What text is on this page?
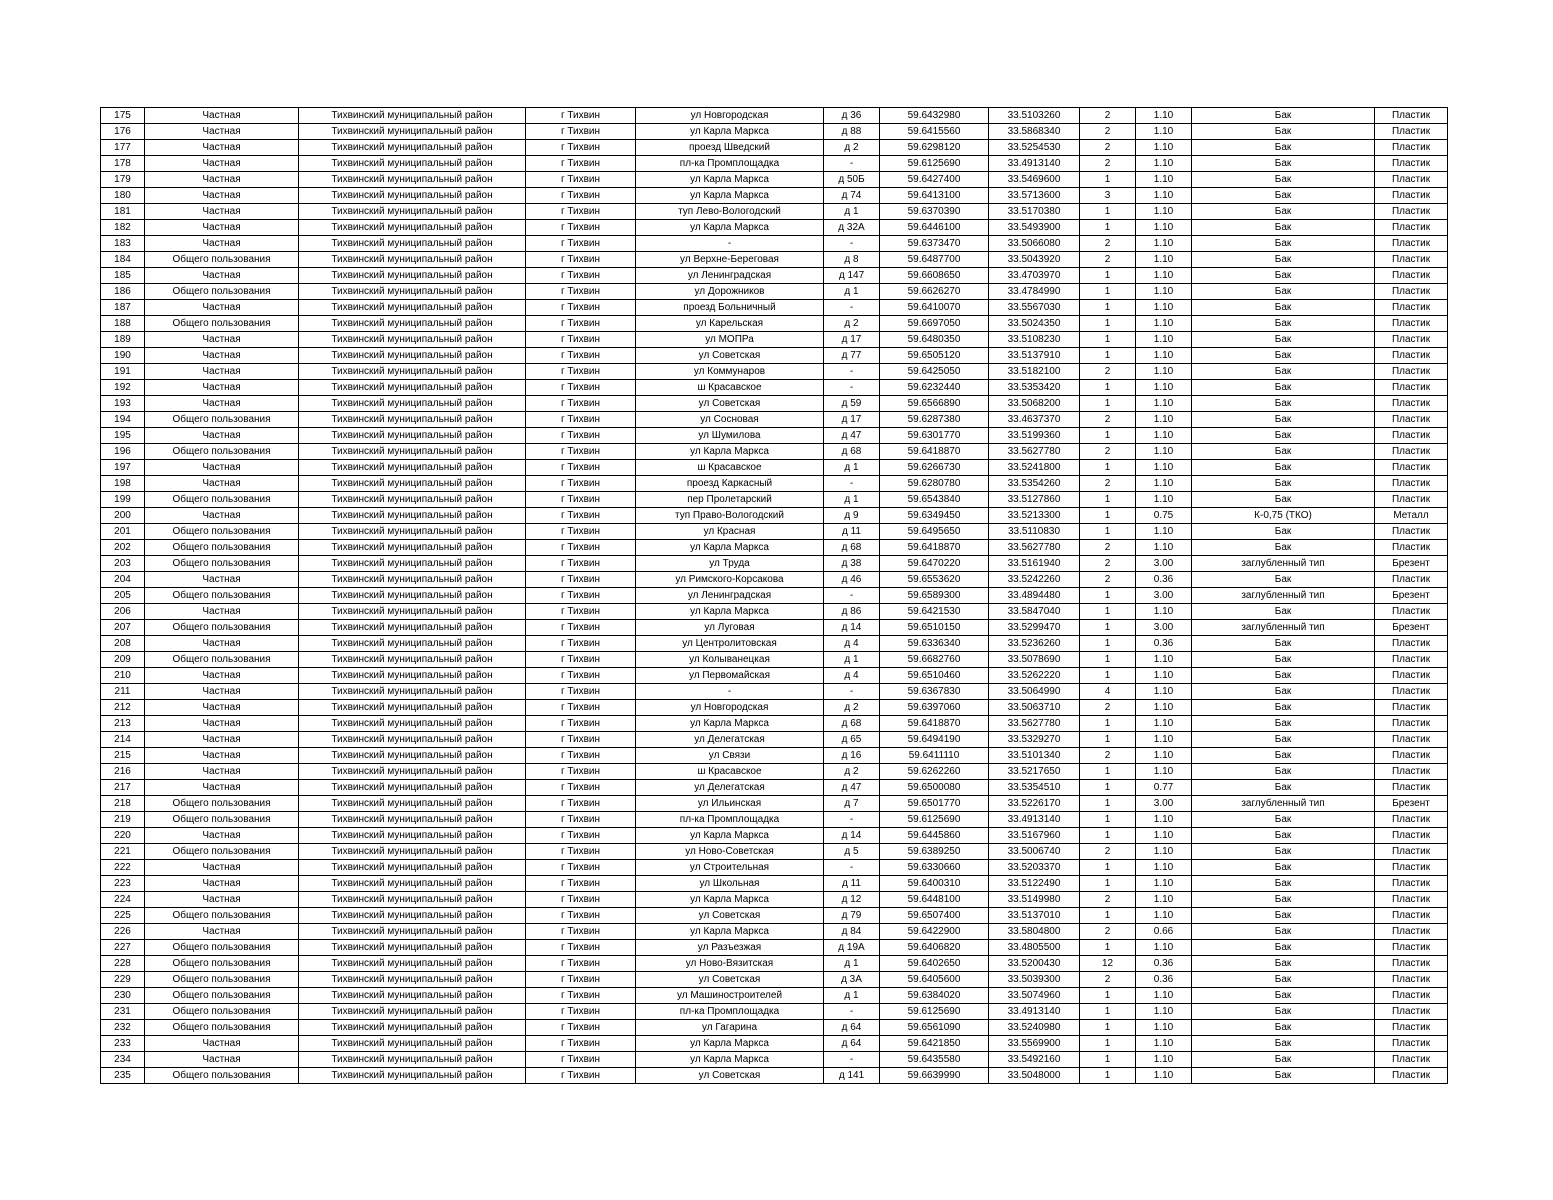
175	Частная	Тихвинский муниципальный район	г Тихвин	ул Новгородская	д 36	59.6432980	33.5103260	2	1.10	Бак	Пластик
176	Частная	Тихвинский муниципальный район	г Тихвин	ул Карла Маркса	д 88	59.6415560	33.5868340	2	1.10	Бак	Пластик
177	Частная	Тихвинский муниципальный район	г Тихвин	проезд Шведский	д 2	59.6298120	33.5254530	2	1.10	Бак	Пластик
178	Частная	Тихвинский муниципальный район	г Тихвин	пл-ка Промплощадка	-	59.6125690	33.4913140	2	1.10	Бак	Пластик
179	Частная	Тихвинский муниципальный район	г Тихвин	ул Карла Маркса	д 50Б	59.6427400	33.5469600	1	1.10	Бак	Пластик
180	Частная	Тихвинский муниципальный район	г Тихвин	ул Карла Маркса	д 74	59.6413100	33.5713600	3	1.10	Бак	Пластик
181	Частная	Тихвинский муниципальный район	г Тихвин	туп Лево-Вологодский	д 1	59.6370390	33.5170380	1	1.10	Бак	Пластик
182	Частная	Тихвинский муниципальный район	г Тихвин	ул Карла Маркса	д 32А	59.6446100	33.5493900	1	1.10	Бак	Пластик
183	Частная	Тихвинский муниципальный район	г Тихвин	-	-	59.6373470	33.5066080	2	1.10	Бак	Пластик
184	Общего пользования	Тихвинский муниципальный район	г Тихвин	ул Верхне-Береговая	д 8	59.6487700	33.5043920	2	1.10	Бак	Пластик
185	Частная	Тихвинский муниципальный район	г Тихвин	ул Ленинградская	д 147	59.6608650	33.4703970	1	1.10	Бак	Пластик
186	Общего пользования	Тихвинский муниципальный район	г Тихвин	ул Дорожников	д 1	59.6626270	33.4784990	1	1.10	Бак	Пластик
187	Частная	Тихвинский муниципальный район	г Тихвин	проезд Больничный	-	59.6410070	33.5567030	1	1.10	Бак	Пластик
188	Общего пользования	Тихвинский муниципальный район	г Тихвин	ул Карельская	д 2	59.6697050	33.5024350	1	1.10	Бак	Пластик
189	Частная	Тихвинский муниципальный район	г Тихвин	ул МОПРа	д 17	59.6480350	33.5108230	1	1.10	Бак	Пластик
190	Частная	Тихвинский муниципальный район	г Тихвин	ул Советская	д 77	59.6505120	33.5137910	1	1.10	Бак	Пластик
191	Частная	Тихвинский муниципальный район	г Тихвин	ул Коммунаров	-	59.6425050	33.5182100	2	1.10	Бак	Пластик
192	Частная	Тихвинский муниципальный район	г Тихвин	ш Красавское	-	59.6232440	33.5353420	1	1.10	Бак	Пластик
193	Частная	Тихвинский муниципальный район	г Тихвин	ул Советская	д 59	59.6566890	33.5068200	1	1.10	Бак	Пластик
194	Общего пользования	Тихвинский муниципальный район	г Тихвин	ул Сосновая	д 17	59.6287380	33.4637370	2	1.10	Бак	Пластик
195	Частная	Тихвинский муниципальный район	г Тихвин	ул Шумилова	д 47	59.6301770	33.5199360	1	1.10	Бак	Пластик
196	Общего пользования	Тихвинский муниципальный район	г Тихвин	ул Карла Маркса	д 68	59.6418870	33.5627780	2	1.10	Бак	Пластик
197	Частная	Тихвинский муниципальный район	г Тихвин	ш Красавское	д 1	59.6266730	33.5241800	1	1.10	Бак	Пластик
198	Частная	Тихвинский муниципальный район	г Тихвин	проезд Каркасный	-	59.6280780	33.5354260	2	1.10	Бак	Пластик
199	Общего пользования	Тихвинский муниципальный район	г Тихвин	пер Пролетарский	д 1	59.6543840	33.5127860	1	1.10	Бак	Пластик
200	Частная	Тихвинский муниципальный район	г Тихвин	туп Право-Вологодский	д 9	59.6349450	33.5213300	1	0.75	К-0,75 (ТКО)	Металл
201	Общего пользования	Тихвинский муниципальный район	г Тихвин	ул Красная	д 11	59.6495650	33.5110830	1	1.10	Бак	Пластик
202	Общего пользования	Тихвинский муниципальный район	г Тихвин	ул Карла Маркса	д 68	59.6418870	33.5627780	2	1.10	Бак	Пластик
203	Общего пользования	Тихвинский муниципальный район	г Тихвин	ул Труда	д 38	59.6470220	33.5161940	2	3.00	заглубленный тип	Брезент
204	Частная	Тихвинский муниципальный район	г Тихвин	ул Римского-Корсакова	д 46	59.6553620	33.5242260	2	0.36	Бак	Пластик
205	Общего пользования	Тихвинский муниципальный район	г Тихвин	ул Ленинградская	-	59.6589300	33.4894480	1	3.00	заглубленный тип	Брезент
206	Частная	Тихвинский муниципальный район	г Тихвин	ул Карла Маркса	д 86	59.6421530	33.5847040	1	1.10	Бак	Пластик
207	Общего пользования	Тихвинский муниципальный район	г Тихвин	ул Луговая	д 14	59.6510150	33.5299470	1	3.00	заглубленный тип	Брезент
208	Частная	Тихвинский муниципальный район	г Тихвин	ул Центролитовская	д 4	59.6336340	33.5236260	1	0.36	Бак	Пластик
209	Общего пользования	Тихвинский муниципальный район	г Тихвин	ул Колыванецкая	д 1	59.6682760	33.5078690	1	1.10	Бак	Пластик
210	Частная	Тихвинский муниципальный район	г Тихвин	ул Первомайская	д 4	59.6510460	33.5262220	1	1.10	Бак	Пластик
211	Частная	Тихвинский муниципальный район	г Тихвин	-	-	59.6367830	33.5064990	4	1.10	Бак	Пластик
212	Частная	Тихвинский муниципальный район	г Тихвин	ул Новгородская	д 2	59.6397060	33.5063710	2	1.10	Бак	Пластик
213	Частная	Тихвинский муниципальный район	г Тихвин	ул Карла Маркса	д 68	59.6418870	33.5627780	1	1.10	Бак	Пластик
214	Частная	Тихвинский муниципальный район	г Тихвин	ул Делегатская	д 65	59.6494190	33.5329270	1	1.10	Бак	Пластик
215	Частная	Тихвинский муниципальный район	г Тихвин	ул Связи	д 16	59.6411110	33.5101340	2	1.10	Бак	Пластик
216	Частная	Тихвинский муниципальный район	г Тихвин	ш Красавское	д 2	59.6262260	33.5217650	1	1.10	Бак	Пластик
217	Частная	Тихвинский муниципальный район	г Тихвин	ул Делегатская	д 47	59.6500080	33.5354510	1	0.77	Бак	Пластик
218	Общего пользования	Тихвинский муниципальный район	г Тихвин	ул Ильинская	д 7	59.6501770	33.5226170	1	3.00	заглубленный тип	Брезент
219	Общего пользования	Тихвинский муниципальный район	г Тихвин	пл-ка Промплощадка	-	59.6125690	33.4913140	1	1.10	Бак	Пластик
220	Частная	Тихвинский муниципальный район	г Тихвин	ул Карла Маркса	д 14	59.6445860	33.5167960	1	1.10	Бак	Пластик
221	Общего пользования	Тихвинский муниципальный район	г Тихвин	ул Ново-Советская	д 5	59.6389250	33.5006740	2	1.10	Бак	Пластик
222	Частная	Тихвинский муниципальный район	г Тихвин	ул Строительная	-	59.6330660	33.5203370	1	1.10	Бак	Пластик
223	Частная	Тихвинский муниципальный район	г Тихвин	ул Школьная	д 11	59.6400310	33.5122490	1	1.10	Бак	Пластик
224	Частная	Тихвинский муниципальный район	г Тихвин	ул Карла Маркса	д 12	59.6448100	33.5149980	2	1.10	Бак	Пластик
225	Общего пользования	Тихвинский муниципальный район	г Тихвин	ул Советская	д 79	59.6507400	33.5137010	1	1.10	Бак	Пластик
226	Частная	Тихвинский муниципальный район	г Тихвин	ул Карла Маркса	д 84	59.6422900	33.5804800	2	0.66	Бак	Пластик
227	Общего пользования	Тихвинский муниципальный район	г Тихвин	ул Разъезжая	д 19А	59.6406820	33.4805500	1	1.10	Бак	Пластик
228	Общего пользования	Тихвинский муниципальный район	г Тихвин	ул Ново-Вязитская	д 1	59.6402650	33.5200430	12	0.36	Бак	Пластик
229	Общего пользования	Тихвинский муниципальный район	г Тихвин	ул Советская	д 3А	59.6405600	33.5039300	2	0.36	Бак	Пластик
230	Общего пользования	Тихвинский муниципальный район	г Тихвин	ул Машиностроителей	д 1	59.6384020	33.5074960	1	1.10	Бак	Пластик
231	Общего пользования	Тихвинский муниципальный район	г Тихвин	пл-ка Промплощадка	-	59.6125690	33.4913140	1	1.10	Бак	Пластик
232	Общего пользования	Тихвинский муниципальный район	г Тихвин	ул Гагарина	д 64	59.6561090	33.5240980	1	1.10	Бак	Пластик
233	Частная	Тихвинский муниципальный район	г Тихвин	ул Карла Маркса	д 64	59.6421850	33.5569900	1	1.10	Бак	Пластик
234	Частная	Тихвинский муниципальный район	г Тихвин	ул Карла Маркса	-	59.6435580	33.5492160	1	1.10	Бак	Пластик
235	Общего пользования	Тихвинский муниципальный район	г Тихвин	ул Советская	д 141	59.6639990	33.5048000	1	1.10	Бак	Пластик
